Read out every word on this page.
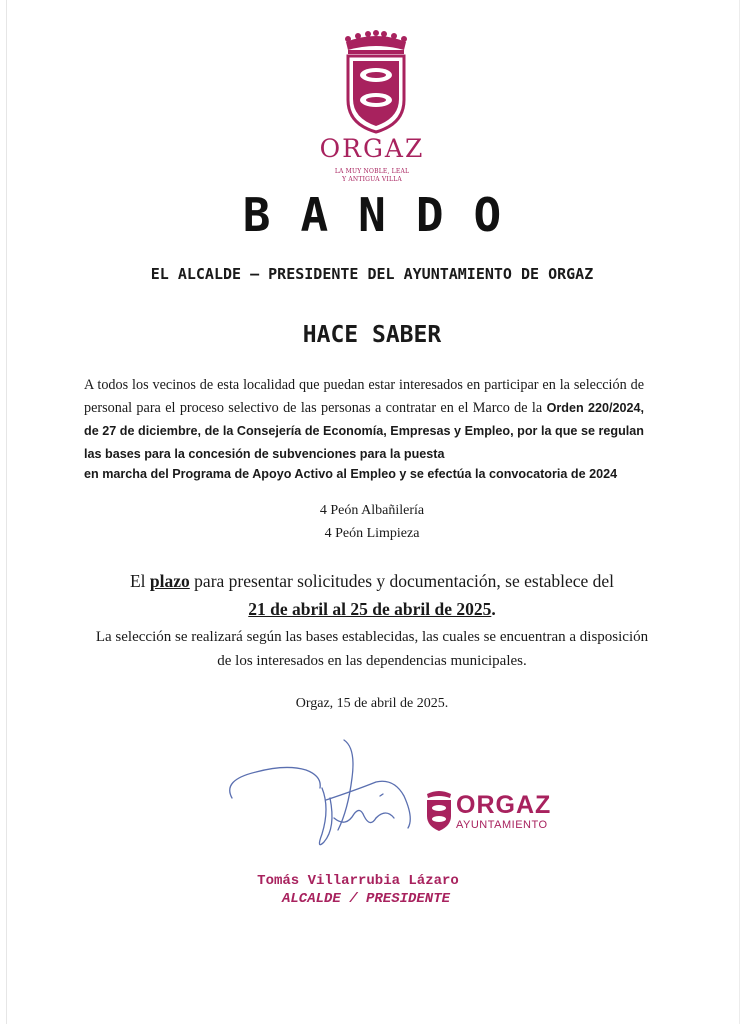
ORGAZ
LA MUY NOBLE, LEAL
Y ANTIGUA VILLA
BANDO
EL ALCALDE – PRESIDENTE DEL AYUNTAMIENTO DE ORGAZ
HACE SABER
A todos los vecinos de esta localidad que puedan estar interesados en participar en la selección de personal para el proceso selectivo de las personas a contratar en el Marco de la Orden 220/2024, de 27 de diciembre, de la Consejería de Economía, Empresas y Empleo, por la que se regulan las bases para la concesión de subvenciones para la puesta
en marcha del Programa de Apoyo Activo al Empleo y se efectúa la convocatoria de 2024
4 Peón Albañilería
4 Peón Limpieza
El plazo para presentar solicitudes y documentación, se establece del
21 de abril al 25 de abril de 2025.
La selección se realizará según las bases establecidas, las cuales se encuentran a disposición de los interesados en las dependencias municipales.
Orgaz, 15 de abril de 2025.
ORGAZ
AYUNTAMIENTO
Tomás Villarrubia Lázaro
ALCALDE / PRESIDENTE
